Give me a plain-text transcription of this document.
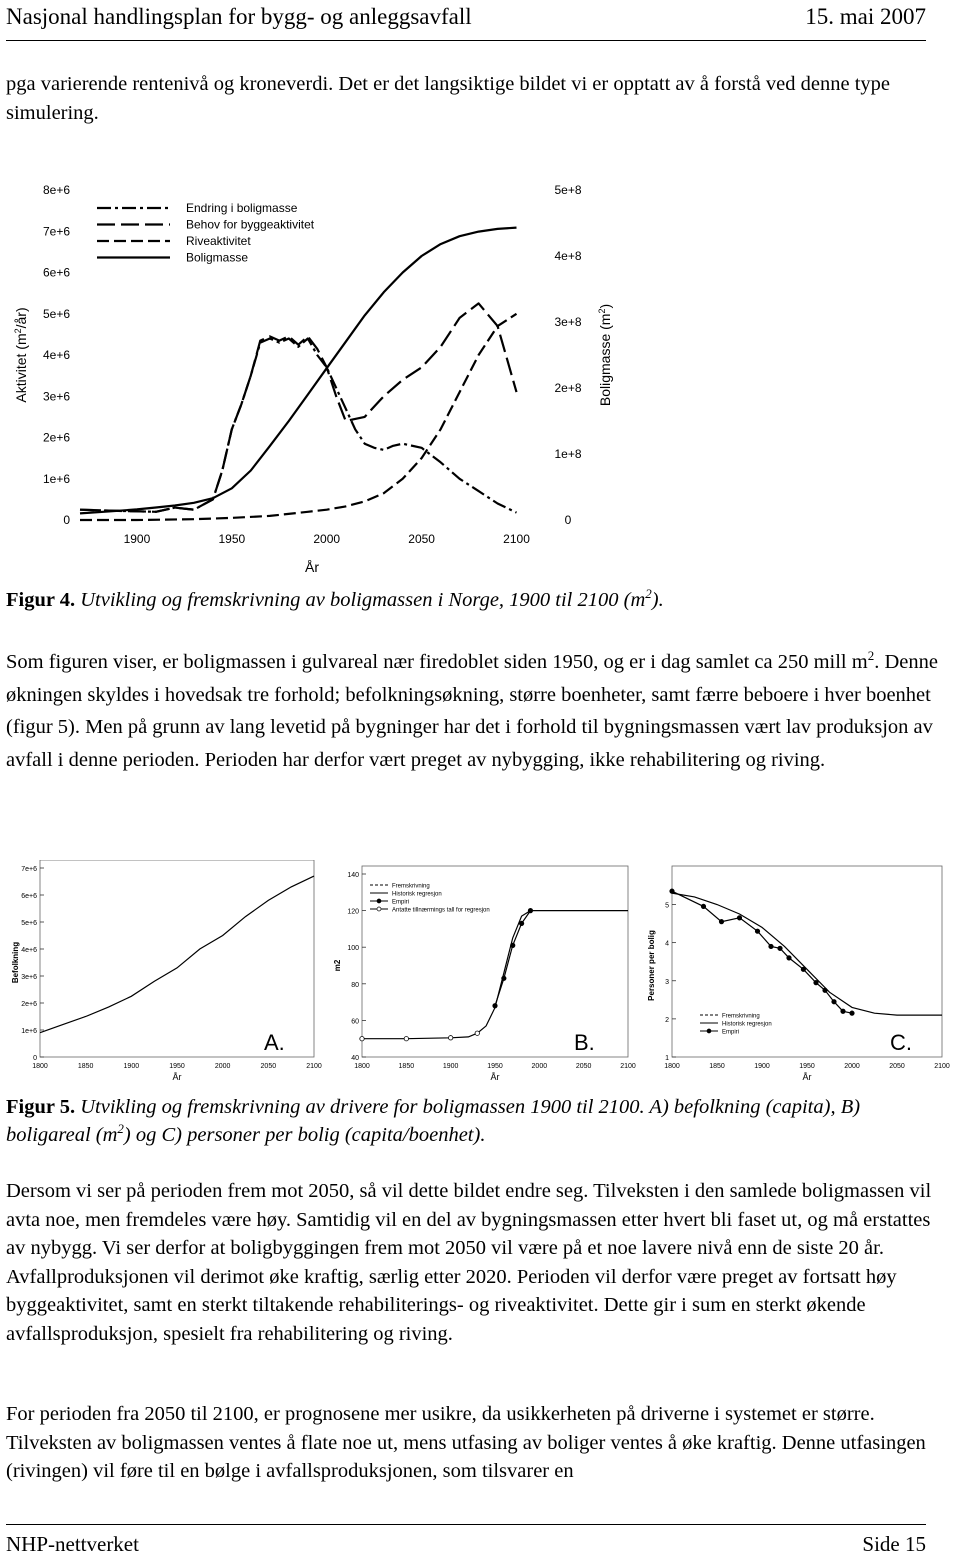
Nasjonal handlingsplan for bygg- og anleggsavfall	15. mai 2007

pga varierende rentenivå og kroneverdi. Det er det langsiktige bildet vi er opptatt av å forstå ved denne type simulering.

0
1e+6
2e+6
3e+6
4e+6
5e+6
6e+6
7e+6
8e+6
0
1e+8
2e+8
3e+8
4e+8
5e+8
1900	1950	2000	2050	2100
År
Aktivitet $(m^2/år)$	Boligmasse $(m^2)$
Endring i boligmasse
Behov for byggeaktivitet
Riveaktivitet
Boligmasse

Figur 4. Utvikling og fremskrivning av boligmassen i Norge, 1900 til 2100 $(m^2)$.

Som figuren viser, er boligmassen i gulvareal nær firedoblet siden 1950, og er i dag samlet ca 250 mill $m^2$. Denne økningen skyldes i hovedsak tre forhold; befolkningsøkning, større boenheter, samt færre beboere i hver boenhet (figur 5). Men på grunn av lang levetid på bygninger har det i forhold til bygningsmassen vært lav produksjon av avfall i denne perioden. Perioden har derfor vært preget av nybygging, ikke rehabilitering og riving.

0
1e+6
2e+6
3e+6
4e+6
5e+6
6e+6
7e+6
1800	1850	1900	1950	2000	2050	2100
År
Befolkning
A.
40
60
80
100
120
140
1800	1850	1900	1950	2000	2050	2100
År
m2
B.
Fremskrivning
Historisk regresjon
Empiri
Antatte tillnærmings tall for regresjon
1
2
3
4
5
1800	1850	1900	1950	2000	2050	2100
År
Personer per bolig
C.
Fremskrivning
Historisk regresjon
Empiri

Figur 5. Utvikling og fremskrivning av drivere for boligmassen 1900 til 2100. A) befolkning (capita), B) boligareal $(m^2)$ og C) personer per bolig (capita/boenhet).

Dersom vi ser på perioden frem mot 2050, så vil dette bildet endre seg. Tilveksten i den samlede boligmassen vil avta noe, men fremdeles være høy. Samtidig vil en del av bygningsmassen etter hvert bli faset ut, og må erstattes av nybygg. Vi ser derfor at boligbyggingen frem mot 2050 vil være på et noe lavere nivå enn de siste 20 år. Avfallproduksjonen vil derimot øke kraftig, særlig etter 2020. Perioden vil derfor være preget av fortsatt høy byggeaktivitet, samt en sterkt tiltakende rehabiliterings- og riveaktivitet. Dette gir i sum en sterkt økende avfallsproduksjon, spesielt fra rehabilitering og riving.

For perioden fra 2050 til 2100, er prognosene mer usikre, da usikkerheten på driverne i systemet er større. Tilveksten av boligmassen ventes å flate noe ut, mens utfasing av boliger ventes å øke kraftig. Denne utfasingen (rivingen) vil føre til en bølge i avfallsproduksjonen, som tilsvarer en

NHP-nettverket	Side 15
